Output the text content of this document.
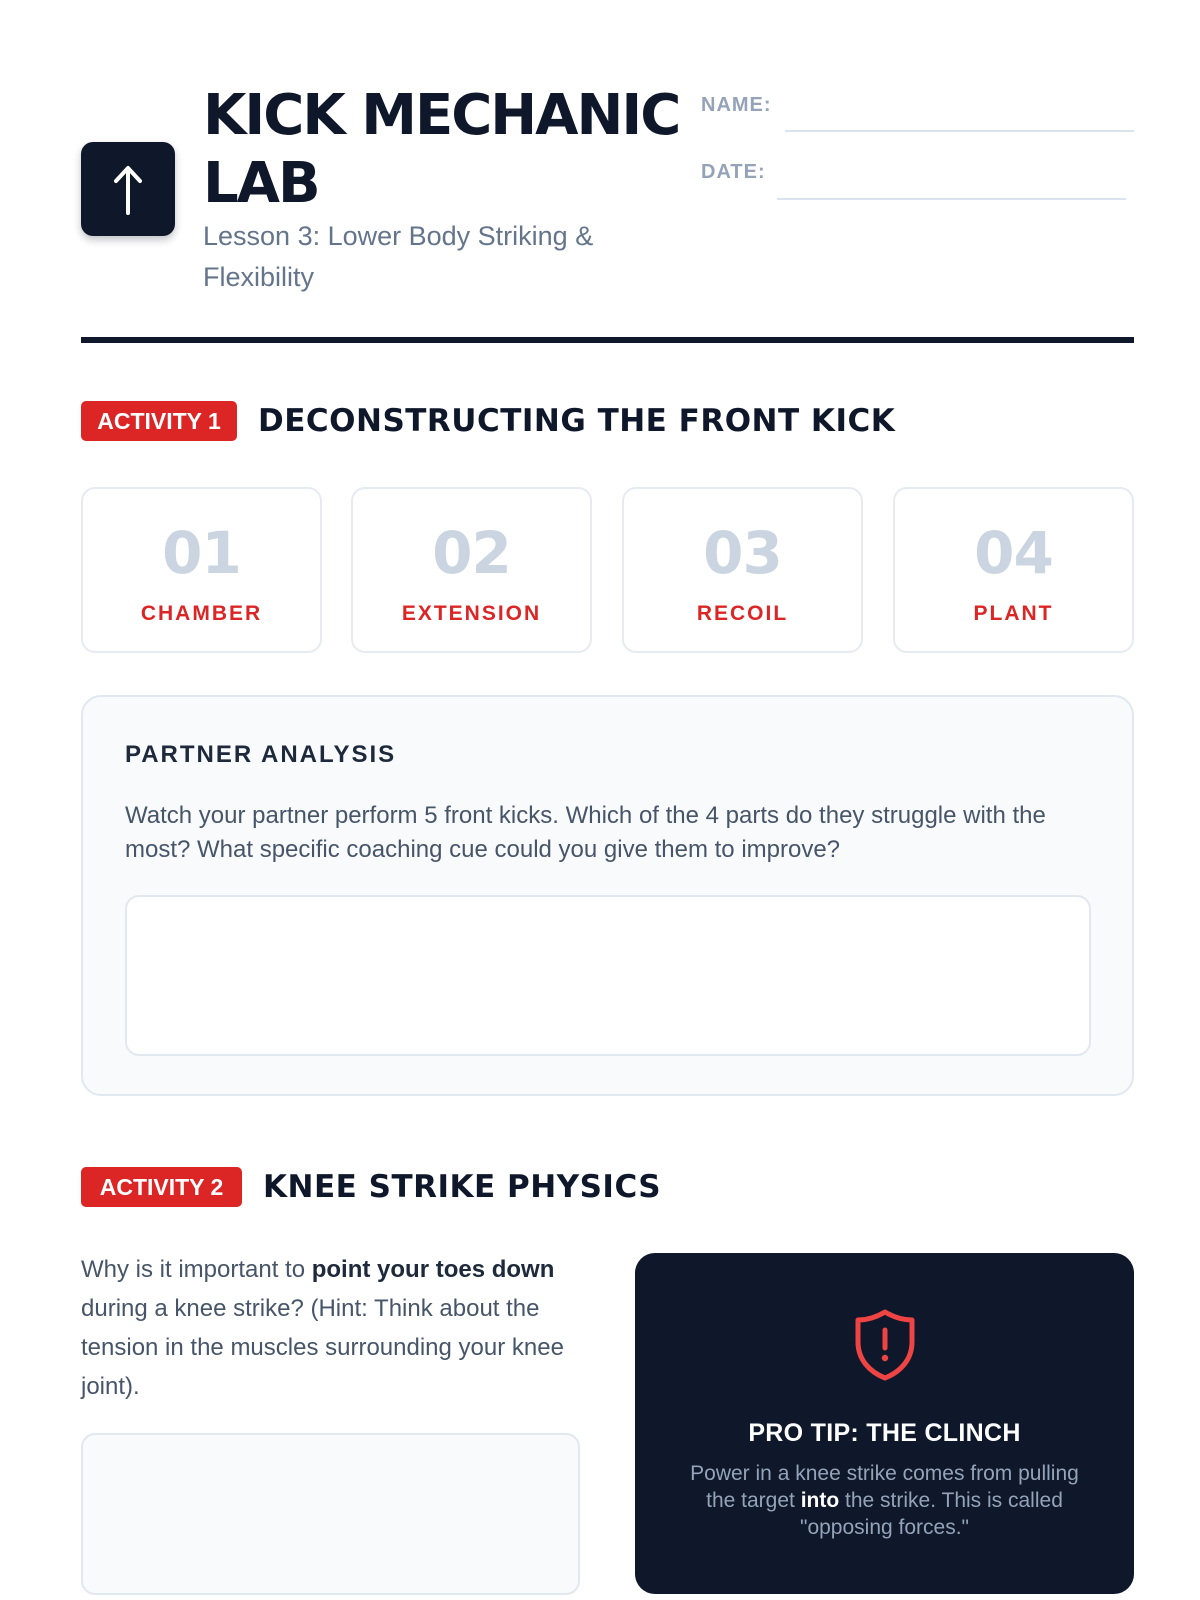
KICK MECHANIC LAB
Lesson 3: Lower Body Striking & Flexibility
NAME:
DATE:
ACTIVITY 1	DECONSTRUCTING THE FRONT KICK
01
CHAMBER
02
EXTENSION
03
RECOIL
04
PLANT
PARTNER ANALYSIS
Watch your partner perform 5 front kicks. Which of the 4 parts do they struggle with the most? What specific coaching cue could you give them to improve?
ACTIVITY 2	KNEE STRIKE PHYSICS
Why is it important to point your toes down during a knee strike? (Hint: Think about the tension in the muscles surrounding your knee joint).
PRO TIP: THE CLINCH
Power in a knee strike comes from pulling the target into the strike. This is called "opposing forces."
